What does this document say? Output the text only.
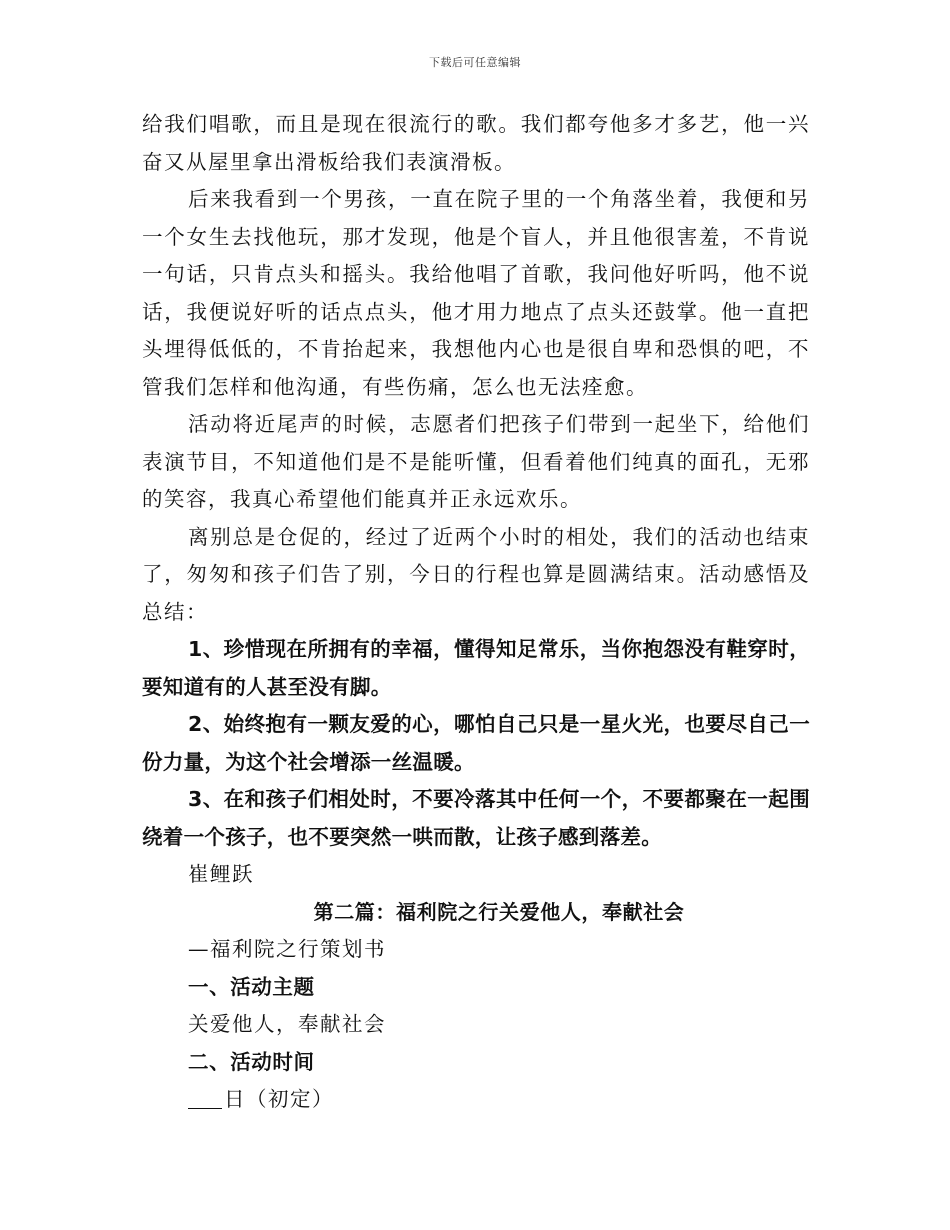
下载后可任意编辑

给我们唱歌，而且是现在很流行的歌。我们都夸他多才多艺，他一兴奋又从屋里拿出滑板给我们表演滑板。

后来我看到一个男孩，一直在院子里的一个角落坐着，我便和另一个女生去找他玩，那才发现，他是个盲人，并且他很害羞，不肯说一句话，只肯点头和摇头。我给他唱了首歌，我问他好听吗，他不说话，我便说好听的话点点头，他才用力地点了点头还鼓掌。他一直把头埋得低低的，不肯抬起来，我想他内心也是很自卑和恐惧的吧，不管我们怎样和他沟通，有些伤痛，怎么也无法痊愈。

活动将近尾声的时候，志愿者们把孩子们带到一起坐下，给他们表演节目，不知道他们是不是能听懂，但看着他们纯真的面孔，无邪的笑容，我真心希望他们能真并正永远欢乐。

离别总是仓促的，经过了近两个小时的相处，我们的活动也结束了，匆匆和孩子们告了别，今日的行程也算是圆满结束。活动感悟及总结：

1、珍惜现在所拥有的幸福，懂得知足常乐，当你抱怨没有鞋穿时，要知道有的人甚至没有脚。

2、始终抱有一颗友爱的心，哪怕自己只是一星火光，也要尽自己一份力量，为这个社会增添一丝温暖。

3、在和孩子们相处时，不要冷落其中任何一个，不要都聚在一起围绕着一个孩子，也不要突然一哄而散，让孩子感到落差。

崔鲤跃

第二篇：福利院之行关爱他人，奉献社会

—福利院之行策划书

一、活动主题

关爱他人，奉献社会

二、活动时间

日（初定）
